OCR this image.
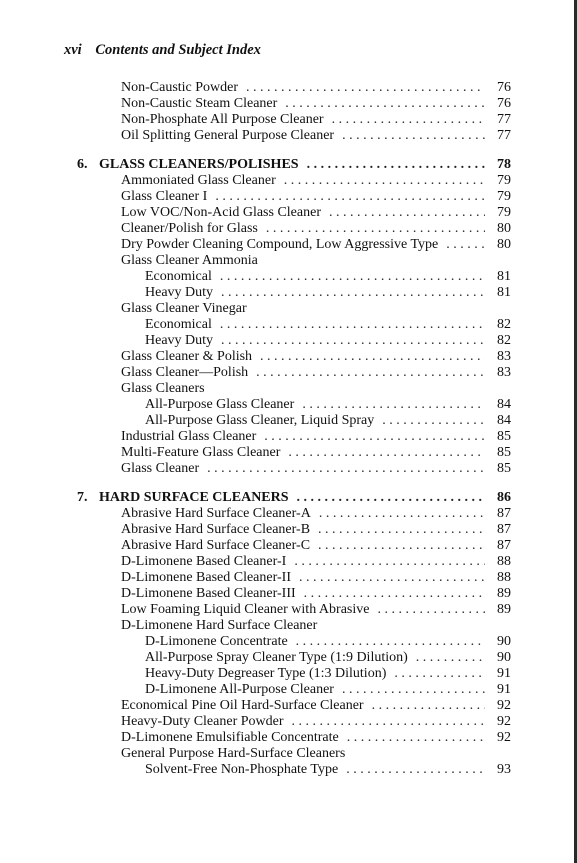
xvi Contents and Subject Index
Non-Caustic Powder . . .	76
Non-Caustic Steam Cleaner . . .	76
Non-Phosphate All Purpose Cleaner . . .	77
Oil Splitting General Purpose Cleaner . . .	77
6. GLASS CLEANERS/POLISHES . . .	78
Ammoniated Glass Cleaner . . .	79
Glass Cleaner I . . .	79
Low VOC/Non-Acid Glass Cleaner . . .	79
Cleaner/Polish for Glass . . .	80
Dry Powder Cleaning Compound, Low Aggressive Type . . .	80
Glass Cleaner Ammonia
Economical . . .	81
Heavy Duty . . .	81
Glass Cleaner Vinegar
Economical . . .	82
Heavy Duty . . .	82
Glass Cleaner & Polish . . .	83
Glass Cleaner—Polish . . .	83
Glass Cleaners
All-Purpose Glass Cleaner . . .	84
All-Purpose Glass Cleaner, Liquid Spray . . .	84
Industrial Glass Cleaner . . .	85
Multi-Feature Glass Cleaner . . .	85
Glass Cleaner . . .	85
7. HARD SURFACE CLEANERS . . .	86
Abrasive Hard Surface Cleaner-A . . .	87
Abrasive Hard Surface Cleaner-B . . .	87
Abrasive Hard Surface Cleaner-C . . .	87
D-Limonene Based Cleaner-I . . .	88
D-Limonene Based Cleaner-II . . .	88
D-Limonene Based Cleaner-III . . .	89
Low Foaming Liquid Cleaner with Abrasive . . .	89
D-Limonene Hard Surface Cleaner
D-Limonene Concentrate . . .	90
All-Purpose Spray Cleaner Type (1:9 Dilution) . . .	90
Heavy-Duty Degreaser Type (1:3 Dilution) . . .	91
D-Limonene All-Purpose Cleaner . . .	91
Economical Pine Oil Hard-Surface Cleaner . . .	92
Heavy-Duty Cleaner Powder . . .	92
D-Limonene Emulsifiable Concentrate . . .	92
General Purpose Hard-Surface Cleaners
Solvent-Free Non-Phosphate Type . . .	93
